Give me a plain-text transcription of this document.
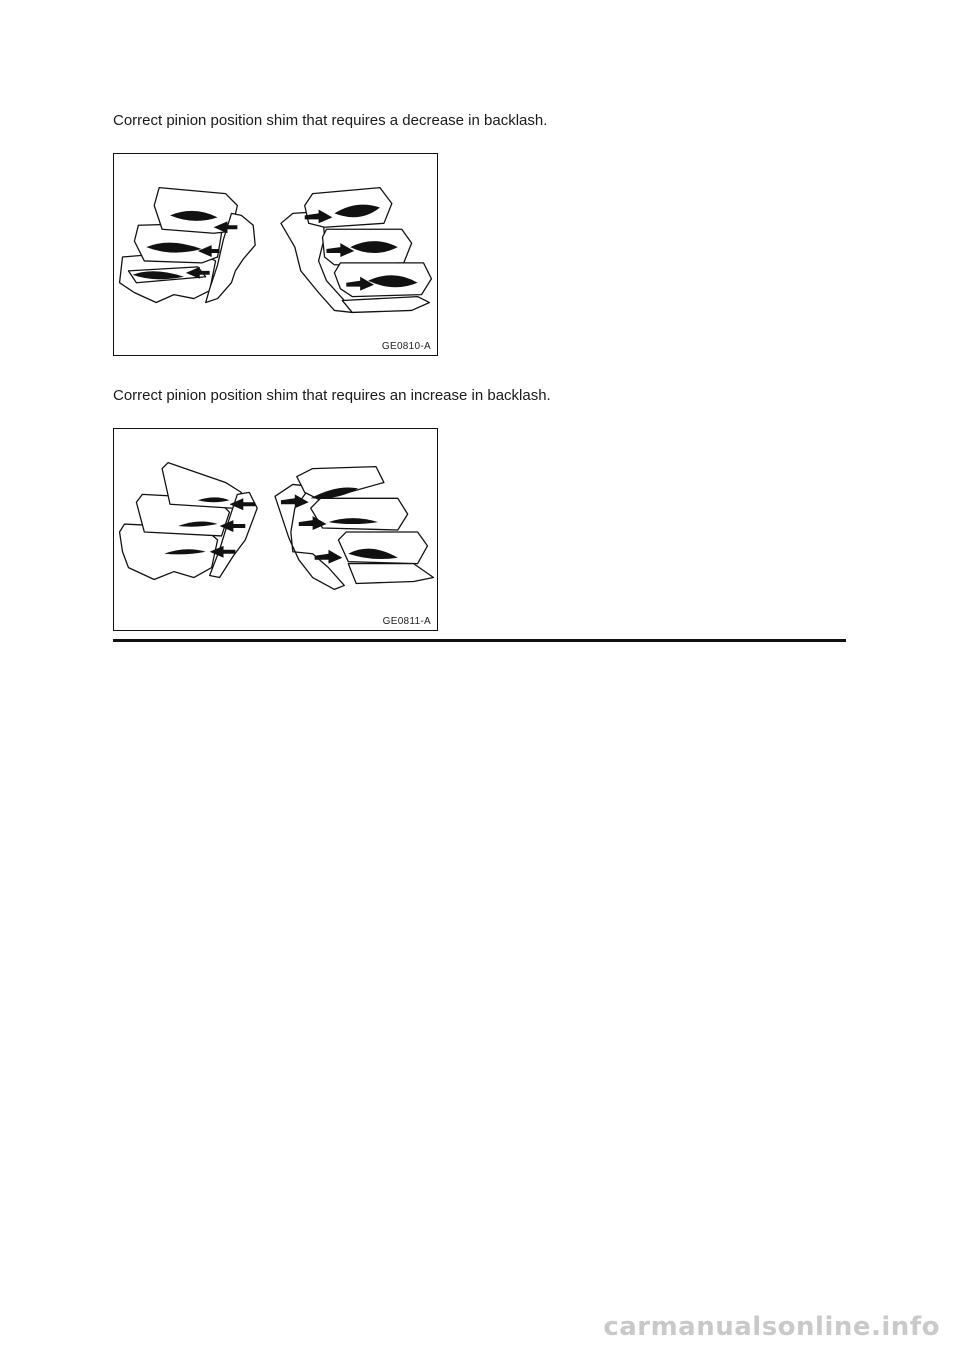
Correct pinion position shim that requires a decrease in backlash.
GE0810-A
Correct pinion position shim that requires an increase in backlash.
GE0811-A
carmanualsonline.info
